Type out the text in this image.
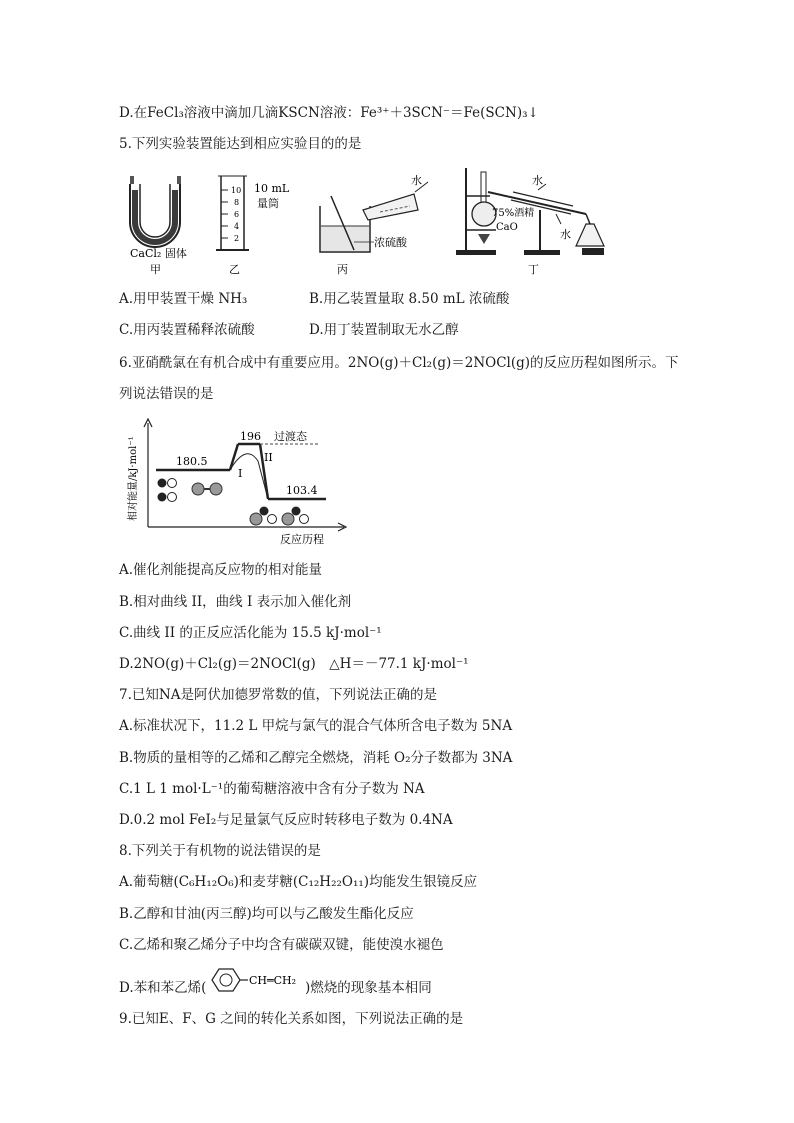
D.在FeCl₃溶液中滴加几滴KSCN溶液：Fe³⁺＋3SCN⁻＝Fe(SCN)₃↓
5.下列实验装置能达到相应实验目的的是
CaCl₂ 固体
甲
10
8
6
4
2
10 mL
量筒
乙
水
浓硫酸
丙
水
75%酒精
CaO
水
丁
A.用甲装置干燥 NH₃	B.用乙装置量取 8.50 mL 浓硫酸
C.用丙装置稀释浓硫酸	D.用丁装置制取无水乙醇
6.亚硝酰氯在有机合成中有重要应用。2NO(g)＋Cl₂(g)＝2NOCl(g)的反应历程如图所示。下
列说法错误的是
相对能量/kJ·mol⁻¹
反应历程
180.5
196
103.4
过渡态
I
II
A.催化剂能提高反应物的相对能量
B.相对曲线 II，曲线 I 表示加入催化剂
C.曲线 II 的正反应活化能为 15.5 kJ·mol⁻¹
D.2NO(g)＋Cl₂(g)＝2NOCl(g)　△H＝－77.1 kJ·mol⁻¹
7.已知NA是阿伏加德罗常数的值，下列说法正确的是
A.标准状况下，11.2 L 甲烷与氯气的混合气体所含电子数为 5NA
B.物质的量相等的乙烯和乙醇完全燃烧，消耗 O₂分子数都为 3NA
C.1 L 1 mol·L⁻¹的葡萄糖溶液中含有分子数为 NA
D.0.2 mol FeI₂与足量氯气反应时转移电子数为 0.4NA
8.下列关于有机物的说法错误的是
A.葡萄糖(C₆H₁₂O₆)和麦芽糖(C₁₂H₂₂O₁₁)均能发生银镜反应
B.乙醇和甘油(丙三醇)均可以与乙酸发生酯化反应
C.乙烯和聚乙烯分子中均含有碳碳双键，能使溴水褪色
D.苯和苯乙烯(	CH═CH₂ )燃烧的现象基本相同
9.已知E、F、G 之间的转化关系如图，下列说法正确的是
